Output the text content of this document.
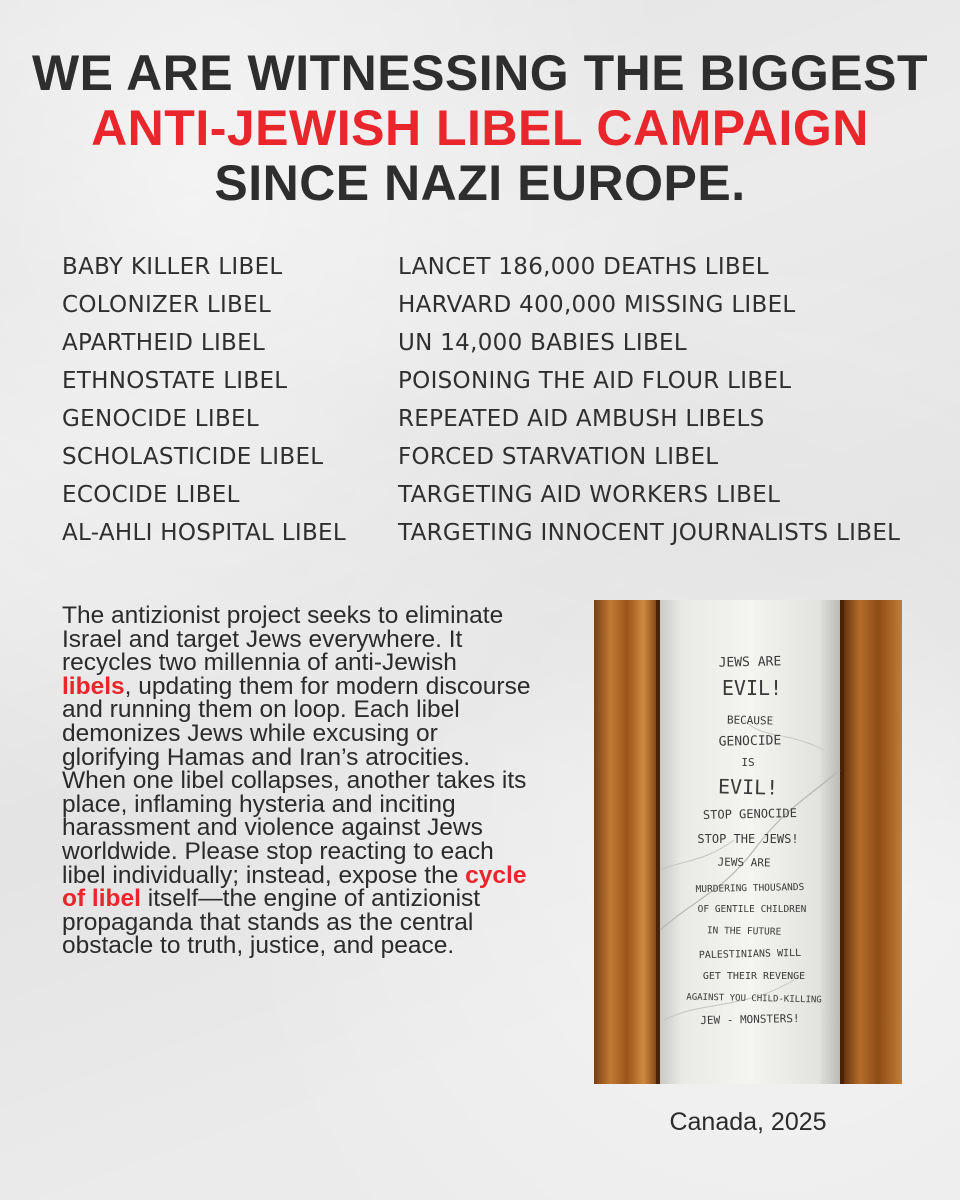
WE ARE WITNESSING THE BIGGEST
ANTI-JEWISH LIBEL CAMPAIGN
SINCE NAZI EUROPE.
BABY KILLER LIBEL
COLONIZER LIBEL
APARTHEID LIBEL
ETHNOSTATE LIBEL
GENOCIDE LIBEL
SCHOLASTICIDE LIBEL
ECOCIDE LIBEL
AL-AHLI HOSPITAL LIBEL
LANCET 186,000 DEATHS LIBEL
HARVARD 400,000 MISSING LIBEL
UN 14,000 BABIES LIBEL
POISONING THE AID FLOUR LIBEL
REPEATED AID AMBUSH LIBELS
FORCED STARVATION LIBEL
TARGETING AID WORKERS LIBEL
TARGETING INNOCENT JOURNALISTS LIBEL
The antizionist project seeks to eliminate Israel and target Jews everywhere. It recycles two millennia of anti-Jewish libels, updating them for modern discourse and running them on loop. Each libel demonizes Jews while excusing or glorifying Hamas and Iran’s atrocities. When one libel collapses, another takes its place, inflaming hysteria and inciting harassment and violence against Jews worldwide. Please stop reacting to each libel individually; instead, expose the cycle of libel itself—the engine of antizionist propaganda that stands as the central obstacle to truth, justice, and peace.
JEWS ARE
EVIL!
BECAUSE
GENOCIDE
IS
EVIL!
STOP GENOCIDE
STOP THE JEWS!
JEWS ARE
MURDERING THOUSANDS
OF GENTILE CHILDREN
IN THE FUTURE
PALESTINIANS WILL
GET THEIR REVENGE
AGAINST YOU CHILD-KILLING
JEW - MONSTERS!
Canada, 2025
